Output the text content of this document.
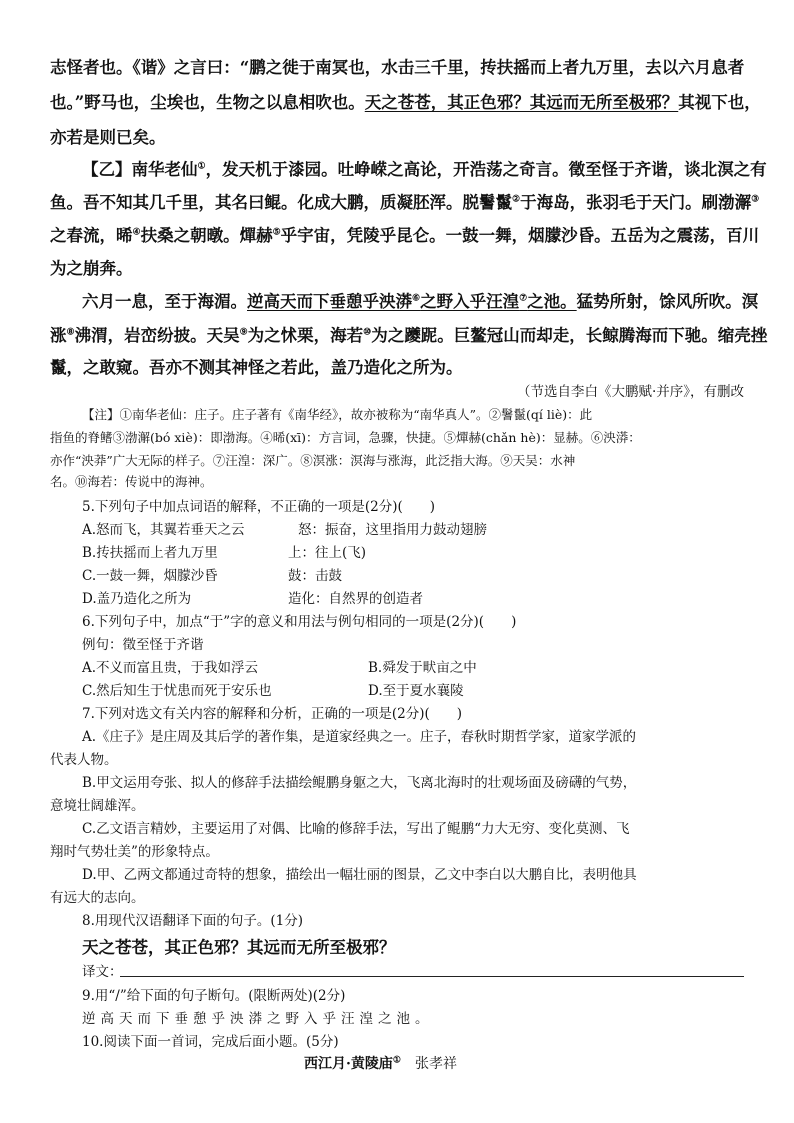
志怪者也。《谐》之言曰：“鹏之徙于南冥也，水击三千里，抟扶摇而上者九万里，去以六月息者
也。”野马也，尘埃也，生物之以息相吹也。天之苍苍，其正色邪？其远而无所至极邪？其视下也，
亦若是则已矣。
【乙】南华老仙①，发天机于漆园。吐峥嵘之高论，开浩荡之奇言。徵至怪于齐谐，谈北溟之有
鱼。吾不知其几千里，其名曰鲲。化成大鹏，质凝胚浑。脱鬐鬣②于海岛，张羽毛于天门。刷渤澥③
之春流，晞④扶桑之朝暾。燀赫⑤乎宇宙，凭陵乎昆仑。一鼓一舞，烟朦沙昏。五岳为之震荡，百川
为之崩奔。
六月一息，至于海湄。逆高天而下垂憩乎泱漭⑥之野入乎汪湟⑦之池。猛势所射，馀风所吹。溟
涨⑧沸渭，岩峦纷披。天吴⑨为之怵栗，海若⑩为之躨跜。巨鳌冠山而却走，长鲸腾海而下驰。缩壳挫
鬣，之敢窥。吾亦不测其神怪之若此，盖乃造化之所为。
（节选自李白《大鹏赋·并序》，有删改
【注】①南华老仙：庄子。庄子著有《南华经》，故亦被称为“南华真人”。②鬐鬣(qí liè)：此
指鱼的脊鳍③渤澥(bó xiè)：即渤海。④晞(xī)：方言词，急骤，快捷。⑤燀赫(chǎn hè)：显赫。⑥泱漭：
亦作“泱莽”广大无际的样子。⑦汪湟：深广。⑧溟涨：溟海与涨海，此泛指大海。⑨天吴：水神
名。⑩海若：传说中的海神。
5.下列句子中加点词语的解释，不正确的一项是(2分)(　　)
A.怒而飞，其翼若垂天之云	怒：振奋，这里指用力鼓动翅膀
B.抟扶摇而上者九万里	上：往上(飞)
C.一鼓一舞，烟朦沙昏	鼓：击鼓
D.盖乃造化之所为	造化：自然界的创造者
6.下列句子中，加点“于”字的意义和用法与例句相同的一项是(2分)(　　)
例句：徵至怪于齐谐
A.不义而富且贵，于我如浮云	B.舜发于畎亩之中
C.然后知生于忧患而死于安乐也	D.至于夏水襄陵
7.下列对选文有关内容的解释和分析，正确的一项是(2分)(　　)
A.《庄子》是庄周及其后学的著作集，是道家经典之一。庄子，春秋时期哲学家，道家学派的
代表人物。
B.甲文运用夸张、拟人的修辞手法描绘鲲鹏身躯之大，飞离北海时的壮观场面及磅礴的气势，
意境壮阔雄浑。
C.乙文语言精妙，主要运用了对偶、比喻的修辞手法，写出了鲲鹏“力大无穷、变化莫测、飞
翔时气势壮美”的形象特点。
D.甲、乙两文都通过奇特的想象，描绘出一幅壮丽的图景，乙文中李白以大鹏自比，表明他具
有远大的志向。
8.用现代汉语翻译下面的句子。(1分)
天之苍苍，其正色邪？其远而无所至极邪？
译文：
9.用“/”给下面的句子断句。(限断两处)(2分)
逆高天而下垂憩乎泱漭之野入乎汪湟之池。
10.阅读下面一首词，完成后面小题。(5分)
西江月·黄陵庙①　张孝祥
